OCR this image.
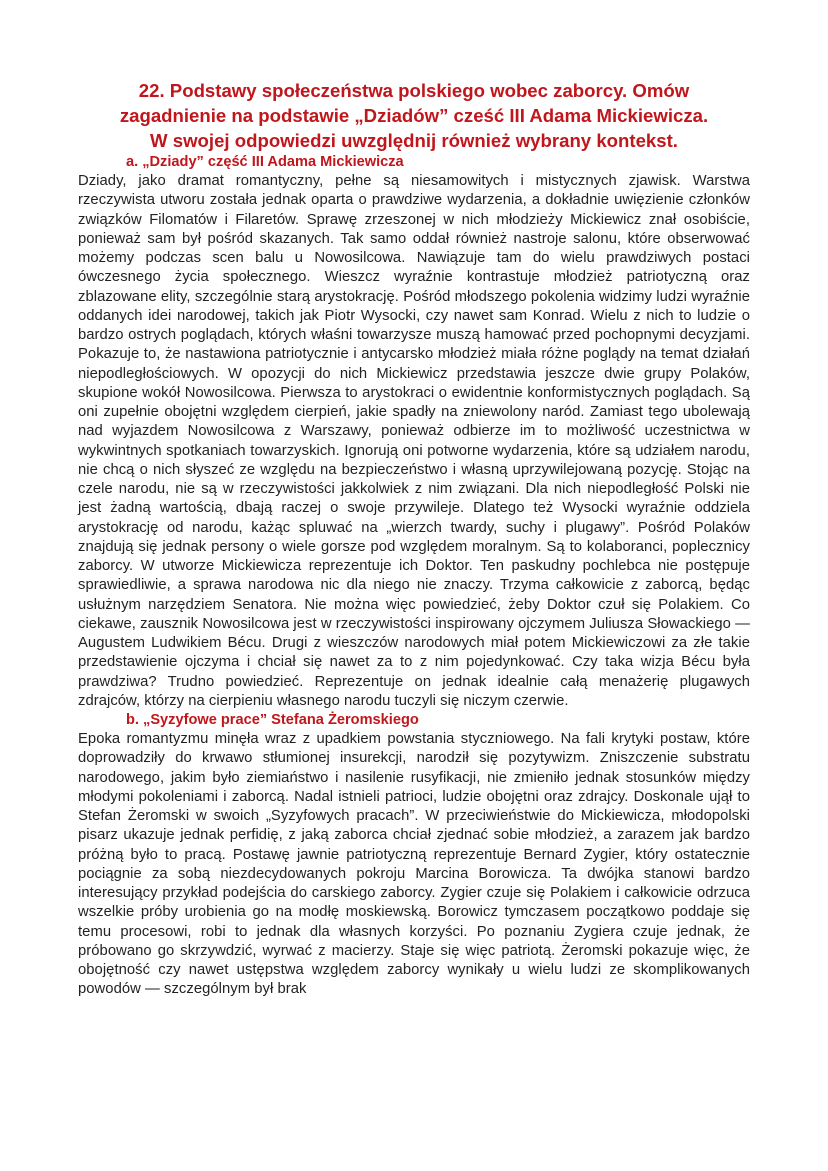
22. Podstawy społeczeństwa polskiego wobec zaborcy. Omów
zagadnienie na podstawie „Dziadów” cześć III Adama Mickiewicza.
W swojej odpowiedzi uwzględnij również wybrany kontekst.
a. „Dziady” część III Adama Mickiewicza

Dziady, jako dramat romantyczny, pełne są niesamowitych i mistycznych zjawisk. Warstwa rzeczywista utworu została jednak oparta o prawdziwe wydarzenia, a dokładnie uwięzienie członków związków Filomatów i Filaretów. Sprawę zrzeszonej w nich młodzieży Mickiewicz znał osobiście, ponieważ sam był pośród skazanych. Tak samo oddał również nastroje salonu, które obserwować możemy podczas scen balu u Nowosilcowa. Nawiązuje tam do wielu prawdziwych postaci ówczesnego życia społecznego. Wieszcz wyraźnie kontrastuje młodzież patriotyczną oraz zblazowane elity, szczególnie starą arystokrację. Pośród młodszego pokolenia widzimy ludzi wyraźnie oddanych idei narodowej, takich jak Piotr Wysocki, czy nawet sam Konrad. Wielu z nich to ludzie o bardzo ostrych poglądach, których właśni towarzysze muszą hamować przed pochopnymi decyzjami. Pokazuje to, że nastawiona patriotycznie i antycarsko młodzież miała różne poglądy na temat działań niepodległościowych. W opozycji do nich Mickiewicz przedstawia jeszcze dwie grupy Polaków, skupione wokół Nowosilcowa. Pierwsza to arystokraci o ewidentnie konformistycznych poglądach. Są oni zupełnie obojętni względem cierpień, jakie spadły na zniewolony naród. Zamiast tego ubolewają nad wyjazdem Nowosilcowa z Warszawy, ponieważ odbierze im to możliwość uczestnictwa w wykwintnych spotkaniach towarzyskich. Ignorują oni potworne wydarzenia, które są udziałem narodu, nie chcą o nich słyszeć ze względu na bezpieczeństwo i własną uprzywilejowaną pozycję. Stojąc na czele narodu, nie są w rzeczywistości jakkolwiek z nim związani. Dla nich niepodległość Polski nie jest żadną wartością, dbają raczej o swoje przywileje. Dlatego też Wysocki wyraźnie oddziela arystokrację od narodu, każąc spluwać na „wierzch twardy, suchy i plugawy”. Pośród Polaków znajdują się jednak persony o wiele gorsze pod względem moralnym. Są to kolaboranci, poplecznicy zaborcy. W utworze Mickiewicza reprezentuje ich Doktor. Ten paskudny pochlebca nie postępuje sprawiedliwie, a sprawa narodowa nic dla niego nie znaczy. Trzyma całkowicie z zaborcą, będąc usłużnym narzędziem Senatora. Nie można więc powiedzieć, żeby Doktor czuł się Polakiem. Co ciekawe, zausznik Nowosilcowa jest w rzeczywistości inspirowany ojczymem Juliusza Słowackiego — Augustem Ludwikiem Bécu. Drugi z wieszczów narodowych miał potem Mickiewiczowi za złe takie przedstawienie ojczyma i chciał się nawet za to z nim pojedynkować. Czy taka wizja Bécu była prawdziwa? Trudno powiedzieć. Reprezentuje on jednak idealnie całą menażerię plugawych zdrajców, którzy na cierpieniu własnego narodu tuczyli się niczym czerwie.

b. „Syzyfowe prace” Stefana Żeromskiego

Epoka romantyzmu minęła wraz z upadkiem powstania styczniowego. Na fali krytyki postaw, które doprowadziły do krwawo stłumionej insurekcji, narodził się pozytywizm. Zniszczenie substratu narodowego, jakim było ziemiaństwo i nasilenie rusyfikacji, nie zmieniło jednak stosunków między młodymi pokoleniami i zaborcą. Nadal istnieli patrioci, ludzie obojętni oraz zdrajcy. Doskonale ujął to Stefan Żeromski w swoich „Syzyfowych pracach”. W przeciwieństwie do Mickiewicza, młodopolski pisarz ukazuje jednak perfidię, z jaką zaborca chciał zjednać sobie młodzież, a zarazem jak bardzo próżną było to pracą. Postawę jawnie patriotyczną reprezentuje Bernard Zygier, który ostatecznie pociągnie za sobą niezdecydowanych pokroju Marcina Borowicza. Ta dwójka stanowi bardzo interesujący przykład podejścia do carskiego zaborcy. Zygier czuje się Polakiem i całkowicie odrzuca wszelkie próby urobienia go na modłę moskiewską. Borowicz tymczasem początkowo poddaje się temu procesowi, robi to jednak dla własnych korzyści. Po poznaniu Zygiera czuje jednak, że próbowano go skrzywdzić, wyrwać z macierzy. Staje się więc patriotą. Żeromski pokazuje więc, że obojętność czy nawet ustępstwa względem zaborcy wynikały u wielu ludzi ze skomplikowanych powodów — szczególnym był brak
